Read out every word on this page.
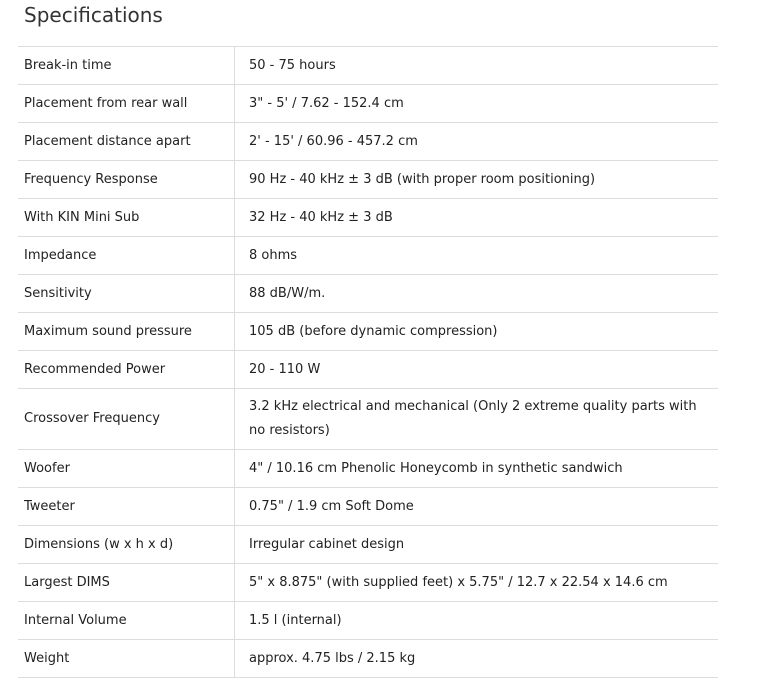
Specifications
Break-in time	50 - 75 hours
Placement from rear wall	3" - 5' / 7.62 - 152.4 cm
Placement distance apart	2' - 15' / 60.96 - 457.2 cm
Frequency Response	90 Hz - 40 kHz ± 3 dB (with proper room positioning)
With KIN Mini Sub	32 Hz - 40 kHz ± 3 dB
Impedance	8 ohms
Sensitivity	88 dB/W/m.
Maximum sound pressure	105 dB (before dynamic compression)
Recommended Power	20 - 110 W
Crossover Frequency	3.2 kHz electrical and mechanical (Only 2 extreme quality parts with no resistors)
Woofer	4" / 10.16 cm Phenolic Honeycomb in synthetic sandwich
Tweeter	0.75" / 1.9 cm Soft Dome
Dimensions (w x h x d)	Irregular cabinet design
Largest DIMS	5" x 8.875" (with supplied feet) x 5.75" / 12.7 x 22.54 x 14.6 cm
Internal Volume	1.5 l (internal)
Weight	approx. 4.75 lbs / 2.15 kg
